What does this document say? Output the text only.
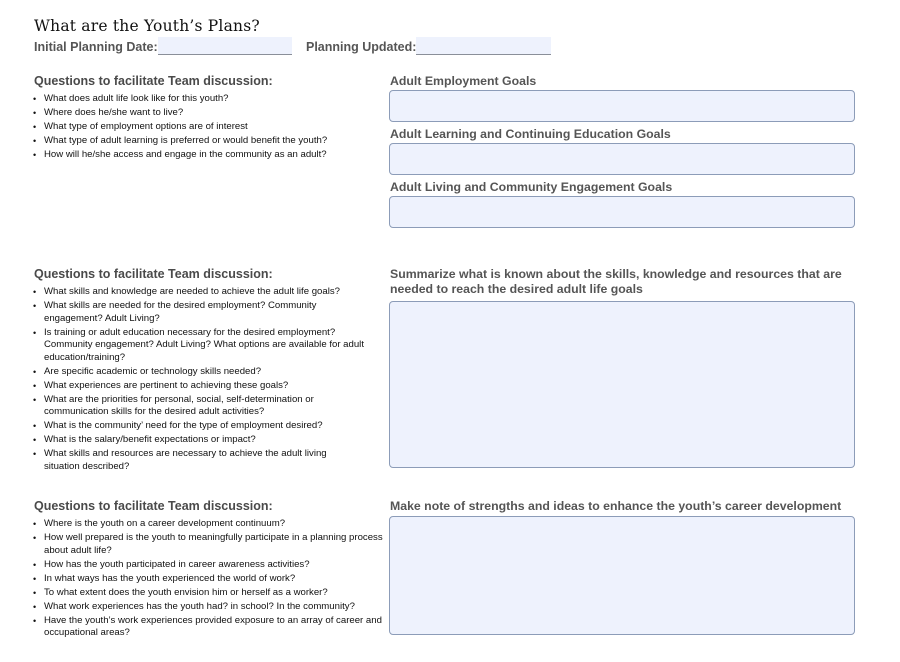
What are the Youth’s Plans?
Initial Planning Date:	Planning Updated:
Questions to facilitate Team discussion:
• What does adult life look like for this youth?
• Where does he/she want to live?
• What type of employment options are of interest
• What type of adult learning is preferred or would benefit the youth?
• How will he/she access and engage in the community as an adult?
Adult Employment Goals
Adult Learning and Continuing Education Goals
Adult Living and Community Engagement Goals
Questions to facilitate Team discussion:
• What skills and knowledge are needed to achieve the adult life goals?
• What skills are needed for the desired employment? Community engagement? Adult Living?
• Is training or adult education necessary for the desired employment? Community engagement? Adult Living? What options are available for adult education/training?
• Are specific academic or technology skills needed?
• What experiences are pertinent to achieving these goals?
• What are the priorities for personal, social, self-determination or communication skills for the desired adult activities?
• What is the community’ need for the type of employment desired?
• What is the salary/benefit expectations or impact?
• What skills and resources are necessary to achieve the adult living situation described?
Summarize what is known about the skills, knowledge and resources that are needed to reach the desired adult life goals
Questions to facilitate Team discussion:
• Where is the youth on a career development continuum?
• How well prepared is the youth to meaningfully participate in a planning process about adult life?
• How has the youth participated in career awareness activities?
• In what ways has the youth experienced the world of work?
• To what extent does the youth envision him or herself as a worker?
• What work experiences has the youth had? in school? In the community?
• Have the youth’s work experiences provided exposure to an array of career and occupational areas?
Make note of strengths and ideas to enhance the youth’s career development
